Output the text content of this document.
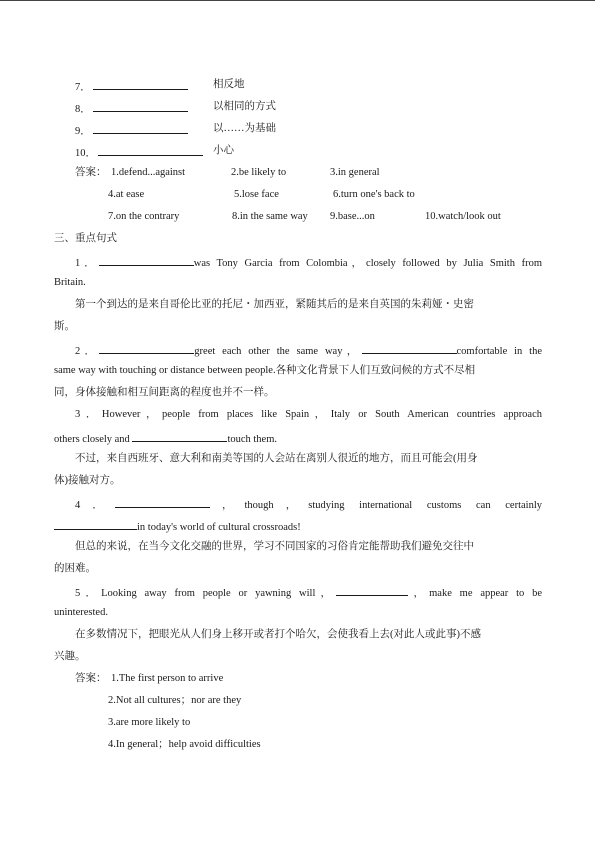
7．	相反地
8．	以相同的方式
9．	以……为基础
10．	小心
答案： 1.defend...against	2.be likely to	3.in general
4.at ease	5.lose face	6.turn one's back to
7.on the contrary	8.in the same way 9.base...on	10.watch/look out
三、重点句式
1．	was Tony Garcia from Colombia，closely followed by Julia Smith from
Britain.
第一个到达的是来自哥伦比亚的托尼・加西亚，紧随其后的是来自英国的朱莉娅・史密
斯。
2．	greet each other the same way，	comfortable in the
same way with touching or distance between people.各种文化背景下人们互致问候的方式不尽相
同，身体接触和相互间距离的程度也并不一样。
3．However，people from places like Spain，Italy or South American countries approach
others closely and	touch them.
不过，来自西班牙、意大利和南美等国的人会站在离别人很近的地方，而且可能会(用身
体)接触对方。
4．	，though，studying international customs can certainly
in today's world of cultural crossroads!
但总的来说，在当今文化交融的世界，学习不同国家的习俗肯定能帮助我们避免交往中
的困难。
5．Looking away from people or yawning will，	，make me appear to be
uninterested.
在多数情况下，把眼光从人们身上移开或者打个哈欠，会使我看上去(对此人或此事)不感
兴趣。
答案： 1.The first person to arrive
2.Not all cultures；nor are they
3.are more likely to
4.In general；help avoid difficulties
